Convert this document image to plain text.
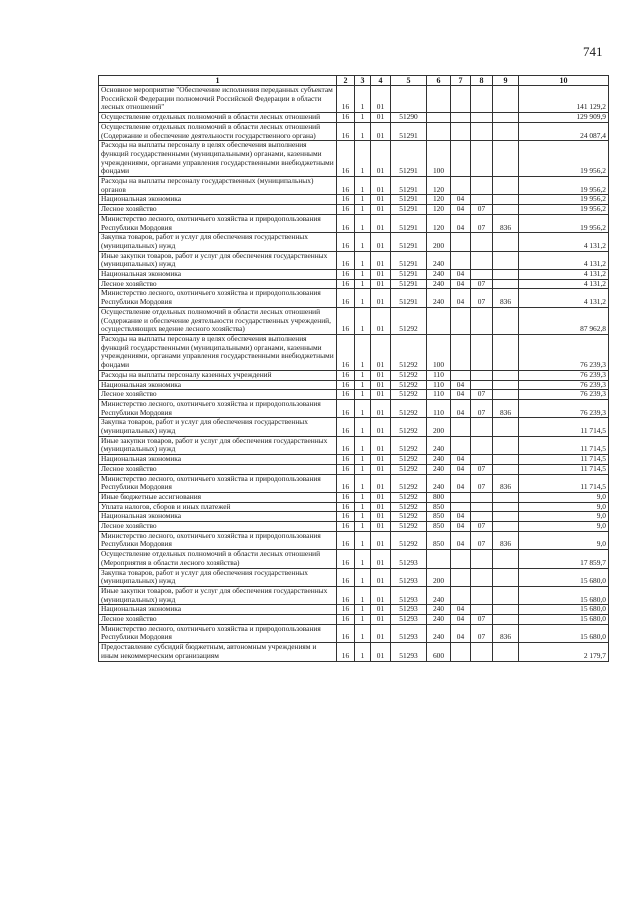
741
1	2	3	4	5	6	7	8	9	10
Основное мероприятие "Обеспечение исполнения переданных субъектам Российской Федерации полномочий Российской Федерации в области лесных отношений"	16	1	01						141 129,2
Осуществление отдельных полномочий в области лесных отношений	16	1	01	51290					129 909,9
Осуществление отдельных полномочий в области лесных отношений (Содержание и обеспечение деятельности государственного органа)	16	1	01	51291					24 087,4
Расходы на выплаты персоналу в целях обеспечения выполнения функций государственными (муниципальными) органами, казенными учреждениями, органами управления государственными внебюджетными фондами	16	1	01	51291	100				19 956,2
Расходы на выплаты персоналу государственных (муниципальных) органов	16	1	01	51291	120				19 956,2
Национальная экономика	16	1	01	51291	120	04			19 956,2
Лесное хозяйство	16	1	01	51291	120	04	07		19 956,2
Министерство лесного, охотничьего хозяйства и природопользования Республики Мордовия	16	1	01	51291	120	04	07	836	19 956,2
Закупка товаров, работ и услуг для обеспечения государственных (муниципальных) нужд	16	1	01	51291	200				4 131,2
Иные закупки товаров, работ и услуг для обеспечения государственных (муниципальных) нужд	16	1	01	51291	240				4 131,2
Национальная экономика	16	1	01	51291	240	04			4 131,2
Лесное хозяйство	16	1	01	51291	240	04	07		4 131,2
Министерство лесного, охотничьего хозяйства и природопользования Республики Мордовия	16	1	01	51291	240	04	07	836	4 131,2
Осуществление отдельных полномочий в области лесных отношений (Содержание и обеспечение деятельности государственных учреждений, осуществляющих ведение лесного хозяйства)	16	1	01	51292					87 962,8
Расходы на выплаты персоналу в целях обеспечения выполнения функций государственными (муниципальными) органами, казенными учреждениями, органами управления государственными внебюджетными фондами	16	1	01	51292	100				76 239,3
Расходы на выплаты персоналу казенных учреждений	16	1	01	51292	110				76 239,3
Национальная экономика	16	1	01	51292	110	04			76 239,3
Лесное хозяйство	16	1	01	51292	110	04	07		76 239,3
Министерство лесного, охотничьего хозяйства и природопользования Республики Мордовия	16	1	01	51292	110	04	07	836	76 239,3
Закупка товаров, работ и услуг для обеспечения государственных (муниципальных) нужд	16	1	01	51292	200				11 714,5
Иные закупки товаров, работ и услуг для обеспечения государственных (муниципальных) нужд	16	1	01	51292	240				11 714,5
Национальная экономика	16	1	01	51292	240	04			11 714,5
Лесное хозяйство	16	1	01	51292	240	04	07		11 714,5
Министерство лесного, охотничьего хозяйства и природопользования Республики Мордовия	16	1	01	51292	240	04	07	836	11 714,5
Иные бюджетные ассигнования	16	1	01	51292	800				9,0
Уплата налогов, сборов и иных платежей	16	1	01	51292	850				9,0
Национальная экономика	16	1	01	51292	850	04			9,0
Лесное хозяйство	16	1	01	51292	850	04	07		9,0
Министерство лесного, охотничьего хозяйства и природопользования Республики Мордовия	16	1	01	51292	850	04	07	836	9,0
Осуществление отдельных полномочий в области лесных отношений (Мероприятия в области лесного хозяйства)	16	1	01	51293					17 859,7
Закупка товаров, работ и услуг для обеспечения государственных (муниципальных) нужд	16	1	01	51293	200				15 680,0
Иные закупки товаров, работ и услуг для обеспечения государственных (муниципальных) нужд	16	1	01	51293	240				15 680,0
Национальная экономика	16	1	01	51293	240	04			15 680,0
Лесное хозяйство	16	1	01	51293	240	04	07		15 680,0
Министерство лесного, охотничьего хозяйства и природопользования Республики Мордовия	16	1	01	51293	240	04	07	836	15 680,0
Предоставление субсидий бюджетным, автономным учреждениям и иным некоммерческим организациям	16	1	01	51293	600				2 179,7
